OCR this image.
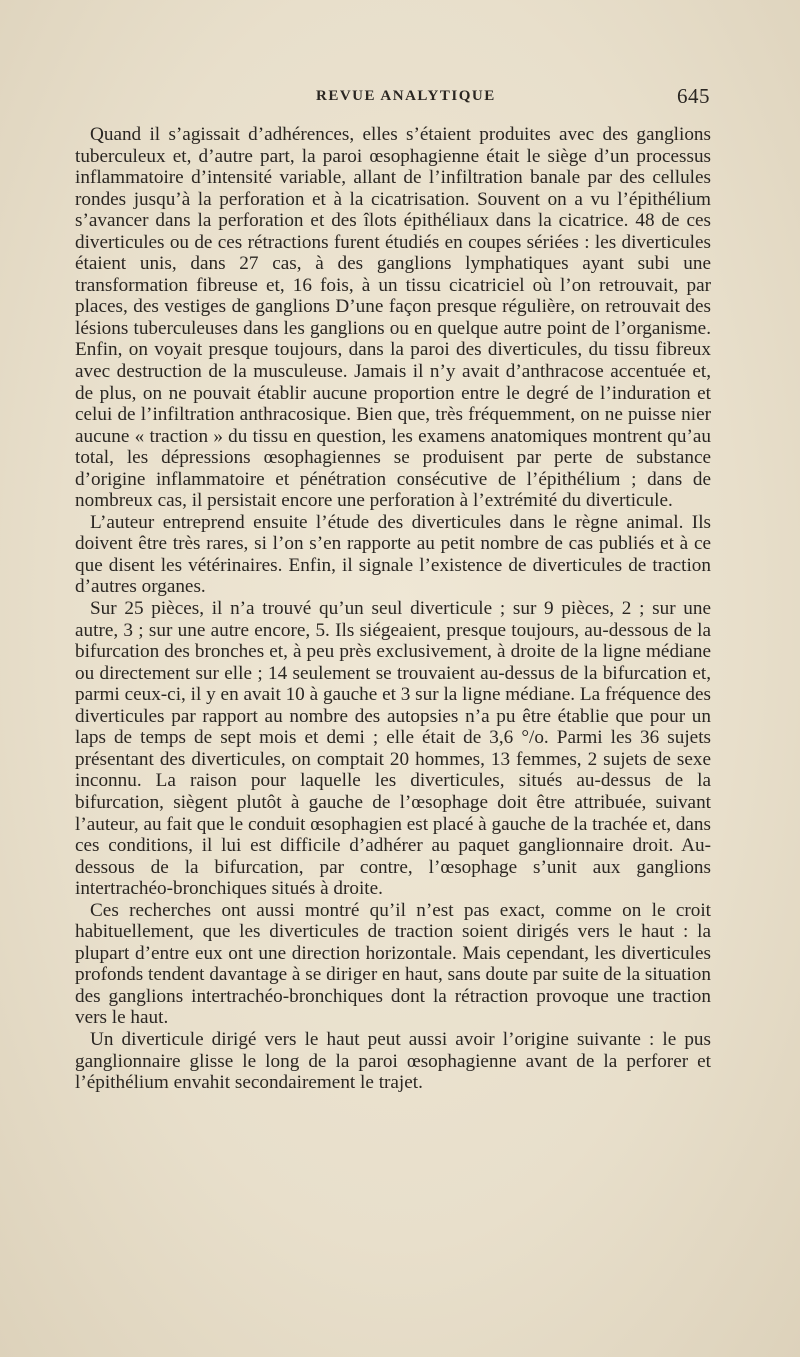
REVUE ANALYTIQUE	645

Quand il s’agissait d’adhérences, elles s’étaient produites avec des ganglions tuberculeux et, d’autre part, la paroi œsophagienne était le siège d’un processus inflammatoire d’intensité variable, allant de l’infiltration banale par des cellules rondes jusqu’à la perforation et à la cicatrisation. Souvent on a vu l’épithélium s’avancer dans la perforation et des îlots épithéliaux dans la cicatrice. 48 de ces diverticules ou de ces rétractions furent étudiés en coupes sériées : les diverticules étaient unis, dans 27 cas, à des ganglions lymphatiques ayant subi une transformation fibreuse et, 16 fois, à un tissu cicatriciel où l’on retrouvait, par places, des vestiges de ganglions D’une façon presque régulière, on retrouvait des lésions tuberculeuses dans les ganglions ou en quelque autre point de l’organisme. Enfin, on voyait presque toujours, dans la paroi des diverticules, du tissu fibreux avec destruction de la musculeuse. Jamais il n’y avait d’anthracose accentuée et, de plus, on ne pouvait établir aucune proportion entre le degré de l’induration et celui de l’infiltration anthracosique. Bien que, très fréquemment, on ne puisse nier aucune « traction » du tissu en question, les examens anatomiques montrent qu’au total, les dépressions œsophagiennes se produisent par perte de substance d’origine inflammatoire et pénétration consécutive de l’épithélium ; dans de nombreux cas, il persistait encore une perforation à l’extrémité du diverticule.

L’auteur entreprend ensuite l’étude des diverticules dans le règne animal. Ils doivent être très rares, si l’on s’en rapporte au petit nombre de cas publiés et à ce que disent les vétérinaires. Enfin, il signale l’existence de diverticules de traction d’autres organes.

Sur 25 pièces, il n’a trouvé qu’un seul diverticule ; sur 9 pièces, 2 ; sur une autre, 3 ; sur une autre encore, 5. Ils siégeaient, presque toujours, au-dessous de la bifurcation des bronches et, à peu près exclusivement, à droite de la ligne médiane ou directement sur elle ; 14 seulement se trouvaient au-dessus de la bifurcation et, parmi ceux-ci, il y en avait 10 à gauche et 3 sur la ligne médiane. La fréquence des diverticules par rapport au nombre des autopsies n’a pu être établie que pour un laps de temps de sept mois et demi ; elle était de 3,6 °/o. Parmi les 36 sujets présentant des diverticules, on comptait 20 hommes, 13 femmes, 2 sujets de sexe inconnu. La raison pour laquelle les diverticules, situés au-dessus de la bifurcation, siègent plutôt à gauche de l’œsophage doit être attribuée, suivant l’auteur, au fait que le conduit œsophagien est placé à gauche de la trachée et, dans ces conditions, il lui est difficile d’adhérer au paquet ganglionnaire droit. Au-dessous de la bifurcation, par contre, l’œsophage s’unit aux ganglions intertrachéo-bronchiques situés à droite.

Ces recherches ont aussi montré qu’il n’est pas exact, comme on le croit habituellement, que les diverticules de traction soient dirigés vers le haut : la plupart d’entre eux ont une direction horizontale. Mais cependant, les diverticules profonds tendent davantage à se diriger en haut, sans doute par suite de la situation des ganglions intertrachéo-bronchiques dont la rétraction provoque une traction vers le haut.

Un diverticule dirigé vers le haut peut aussi avoir l’origine suivante : le pus ganglionnaire glisse le long de la paroi œsophagienne avant de la perforer et l’épithélium envahit secondairement le trajet.
